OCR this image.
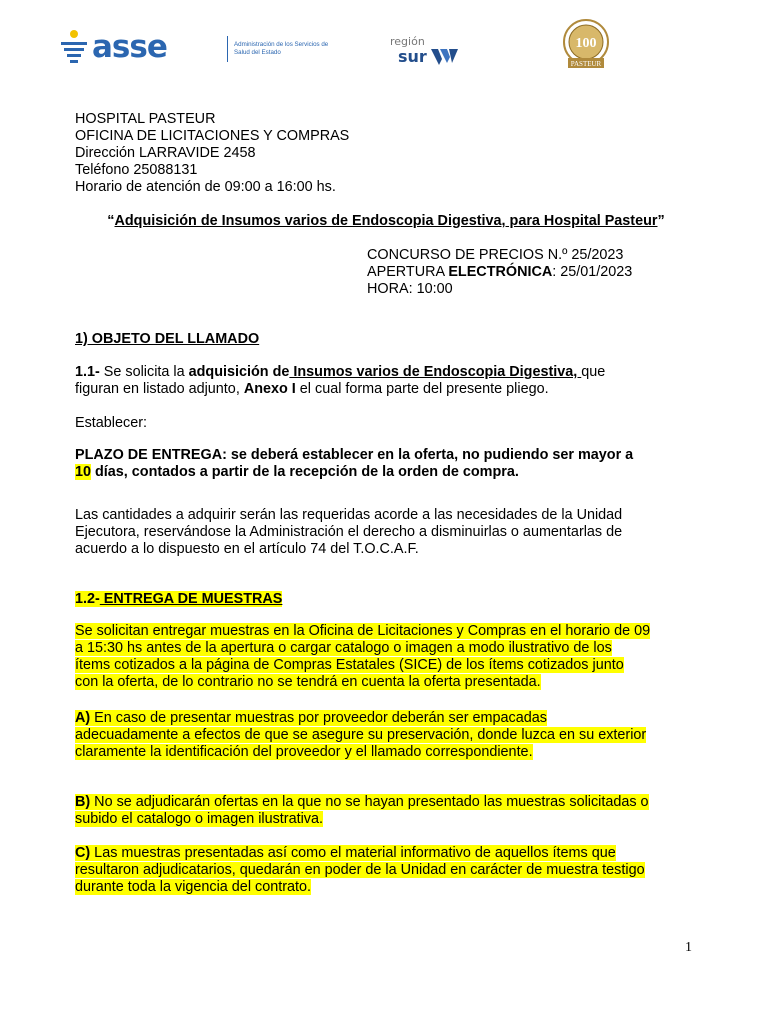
asse	Administración de los Servicios de Salud del Estado
región
sur
100
PASTEUR
HOSPITAL PASTEUR
OFICINA DE LICITACIONES Y COMPRAS
Dirección LARRAVIDE 2458
Teléfono 25088131
Horario de atención de 09:00 a 16:00 hs.
“Adquisición de Insumos varios de Endoscopia Digestiva, para Hospital Pasteur”
CONCURSO DE PRECIOS N.º 25/2023
APERTURA ELECTRÓNICA: 25/01/2023
HORA: 10:00
1) OBJETO DEL LLAMADO
1.1- Se solicita la adquisición de Insumos varios de Endoscopia Digestiva, que
figuran en listado adjunto, Anexo I el cual forma parte del presente pliego.
Establecer:
PLAZO DE ENTREGA: se deberá establecer en la oferta, no pudiendo ser mayor a
10 días, contados a partir de la recepción de la orden de compra.
Las cantidades a adquirir serán las requeridas acorde a las necesidades de la Unidad
Ejecutora, reservándose la Administración el derecho a disminuirlas o aumentarlas de
acuerdo a lo dispuesto en el artículo 74 del T.O.C.A.F.
1.2- ENTREGA DE MUESTRAS
Se solicitan entregar muestras en la Oficina de Licitaciones y Compras en el horario de 09
a 15:30 hs antes de la apertura o cargar catalogo o imagen a modo ilustrativo de los
ítems cotizados a la página de Compras Estatales (SICE) de los ítems cotizados junto
con la oferta, de lo contrario no se tendrá en cuenta la oferta presentada.
A) En caso de presentar muestras por proveedor deberán ser empacadas
adecuadamente a efectos de que se asegure su preservación, donde luzca en su exterior
claramente la identificación del proveedor y el llamado correspondiente.
B) No se adjudicarán ofertas en la que no se hayan presentado las muestras solicitadas o
subido el catalogo o imagen ilustrativa.
C) Las muestras presentadas así como el material informativo de aquellos ítems que
resultaron adjudicatarios, quedarán en poder de la Unidad en carácter de muestra testigo
durante toda la vigencia del contrato.
1
